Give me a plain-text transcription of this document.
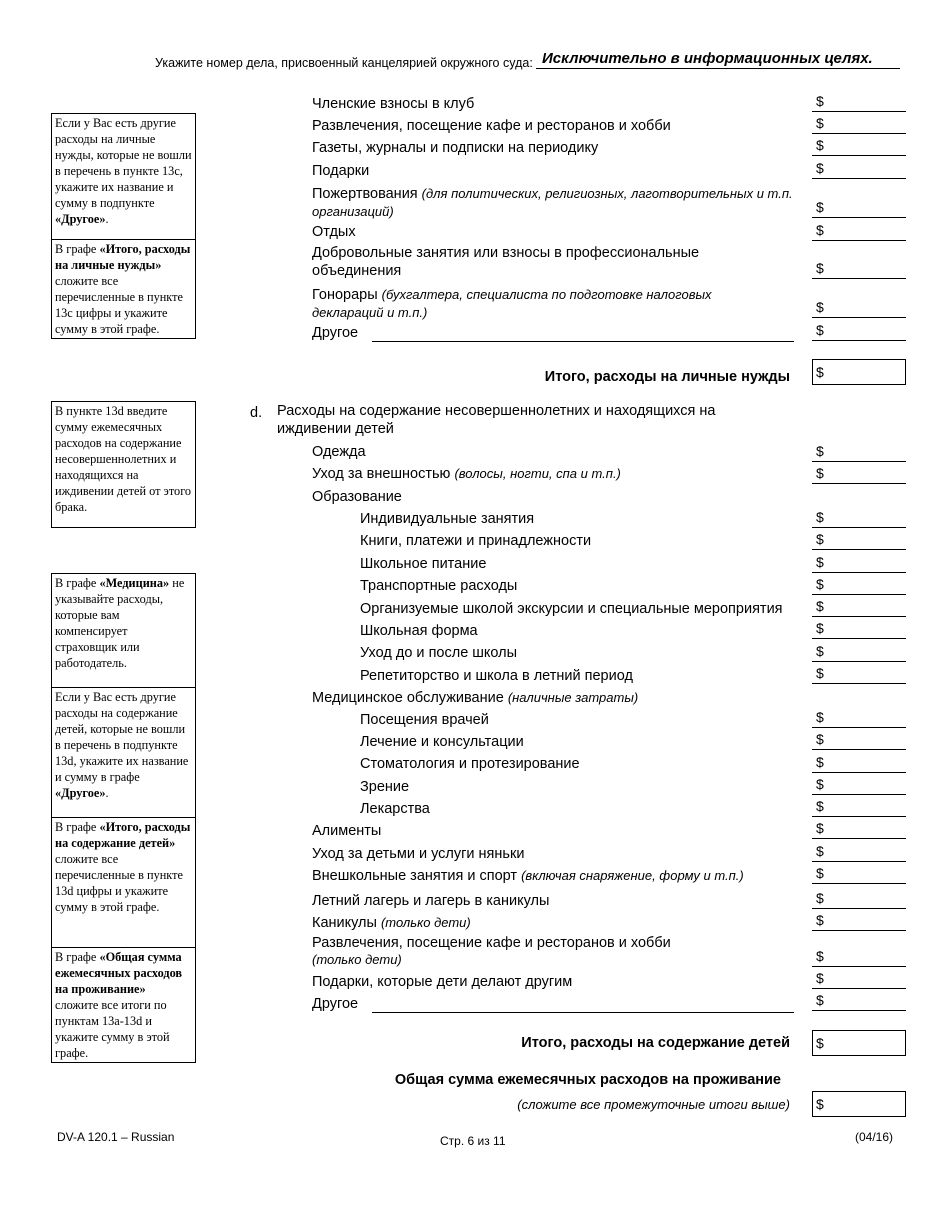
Укажите номер дела, присвоенный канцелярией окружного суда: Исключительно в информационных целях.

Если у Вас есть другие расходы на личные нужды, которые не вошли в перечень в пункте 13c, укажите их название и сумму в подпункте «Другое».

В графе «Итого, расходы на личные нужды» сложите все перечисленные в пункте 13c цифры и укажите сумму в этой графе.

В пункте 13d введите сумму ежемесячных расходов на содержание несовершеннолетних и находящихся на иждивении детей от этого брака.

В графе «Медицина» не указывайте расходы, которые вам компенсирует страховщик или работодатель.

Если у Вас есть другие расходы на содержание детей, которые не вошли в перечень в подпункте 13d, укажите их название и сумму в графе «Другое».

В графе «Итого, расходы на содержание детей» сложите все перечисленные в пункте 13d цифры и укажите сумму в этой графе.

В графе «Общая сумма ежемесячных расходов на проживание» сложите все итоги по пунктам 13a-13d и укажите сумму в этой графе.

Членские взносы в клуб	$
Развлечения, посещение кафе и ресторанов и хобби	$
Газеты, журналы и подписки на периодику	$
Подарки	$
Пожертвования (для политических, религиозных, лаготворительных и т.п. организаций)	$
Отдых	$
Добровольные занятия или взносы в профессиональные объединения	$
Гонорары (бухгалтера, специалиста по подготовке налоговых деклараций и т.п.)	$
Другое	$
Итого, расходы на личные нужды $
d. Расходы на содержание несовершеннолетних и находящихся на иждивении детей
Одежда	$
Уход за внешностью (волосы, ногти, спа и т.п.)	$
Образование
Индивидуальные занятия	$
Книги, платежи и принадлежности	$
Школьное питание	$
Транспортные расходы	$
Организуемые школой экскурсии и специальные мероприятия $
Школьная форма	$
Уход до и после школы	$
Репетиторство и школа в летний период	$
Медицинское обслуживание (наличные затраты)
Посещения врачей	$
Лечение и консультации	$
Стоматология и протезирование	$
Зрение	$
Лекарства	$
Алименты	$
Уход за детьми и услуги няньки	$
Внешкольные занятия и спорт (включая снаряжение, форму и т.п.)	$
Летний лагерь и лагерь в каникулы	$
Каникулы (только дети)	$
Развлечения, посещение кафе и ресторанов и хобби
(только дети)	$
Подарки, которые дети делают другим	$
Другое	$
Итого, расходы на содержание детей $
Общая сумма ежемесячных расходов на проживание
(сложите все промежуточные итоги выше) $
DV-A 120.1 – Russian	Стр. 6 из 11	(04/16)
